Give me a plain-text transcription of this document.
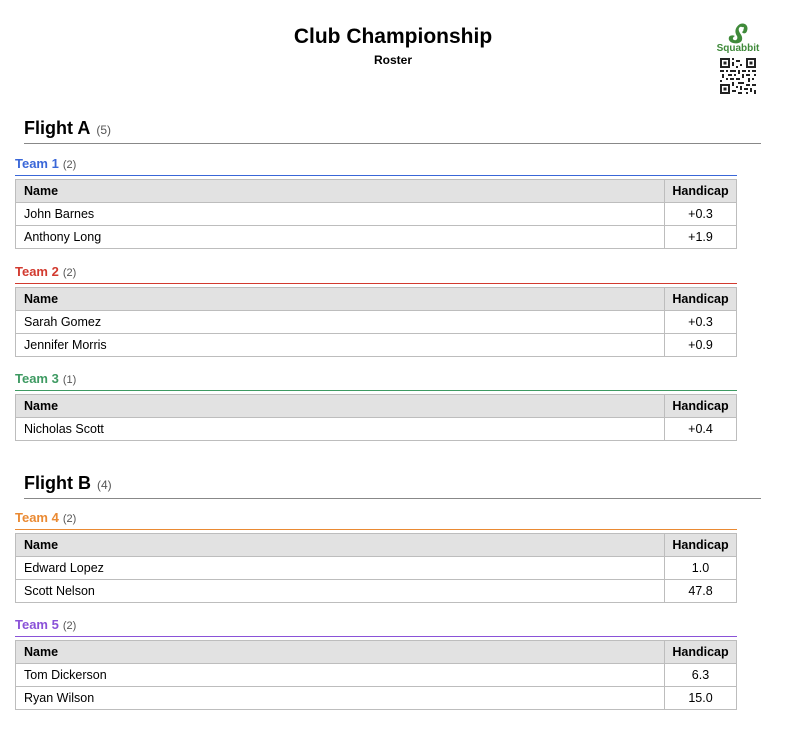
Club Championship
Roster
Squabbit
Flight A (5)
Team 1 (2)
Name	Handicap
John Barnes	+0.3
Anthony Long	+1.9
Team 2 (2)
Name	Handicap
Sarah Gomez	+0.3
Jennifer Morris	+0.9
Team 3 (1)
Name	Handicap
Nicholas Scott	+0.4
Flight B (4)
Team 4 (2)
Name	Handicap
Edward Lopez	1.0
Scott Nelson	47.8
Team 5 (2)
Name	Handicap
Tom Dickerson	6.3
Ryan Wilson	15.0
